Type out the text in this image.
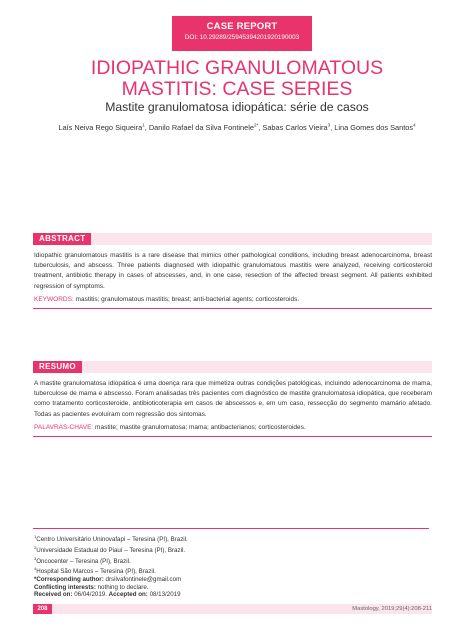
CASE REPORT
DOI: 10.29289/25945394201920190003
IDIOPATHIC GRANULOMATOUS
MASTITIS: CASE SERIES
Mastite granulomatosa idiopática: série de casos
Laís Neiva Rego Siqueira$^1$, Danilo Rafael da Silva Fontinele$^{2*}$, Sabas Carlos Vieira$^3$, Lina Gomes dos Santos$^4$
ABSTRACT
Idiopathic granulomatous mastitis is a rare disease that mimics other pathological conditions, including breast adenocarcinoma, breast tuberculosis, and abscess. Three patients diagnosed with idiopathic granulomatous mastitis were analyzed, receiving corticosteroid treatment, antibiotic therapy in cases of abscesses, and, in one case, resection of the affected breast segment. All patients exhibited regression of symptoms.
KEYWORDS: mastitis; granulomatous mastitis; breast; anti-bacterial agents; corticosteroids.
RESUMO
A mastite granulomatosa idiopática é uma doença rara que mimetiza outras condições patológicas, incluindo adenocarcinoma de mama, tuberculose de mama e abscesso. Foram analisadas três pacientes com diagnóstico de mastite granulomatosa idiopática, que receberam como tratamento corticosteroide, antibioticoterapia em casos de abscessos e, em um caso, ressecção do segmento mamário afetado. Todas as pacientes evoluíram com regressão dos sintomas.
PALAVRAS-CHAVE: mastite; mastite granulomatosa; mama; antibacterianos; corticosteroides.
$^1$Centro Universitário Uninovafapi – Teresina (PI), Brazil.
$^2$Universidade Estadual do Piauí – Teresina (PI), Brazil.
$^3$Oncocenter – Teresina (PI), Brazil.
$^4$Hospital São Marcos – Teresina (PI), Brazil.
*Corresponding author: drsilvafontinele@gmail.com
Conflicting interests: nothing to declare.
Received on: 06/04/2019. Accepted on: 08/13/2019
208	Mastology, 2019;29(4):208-211
